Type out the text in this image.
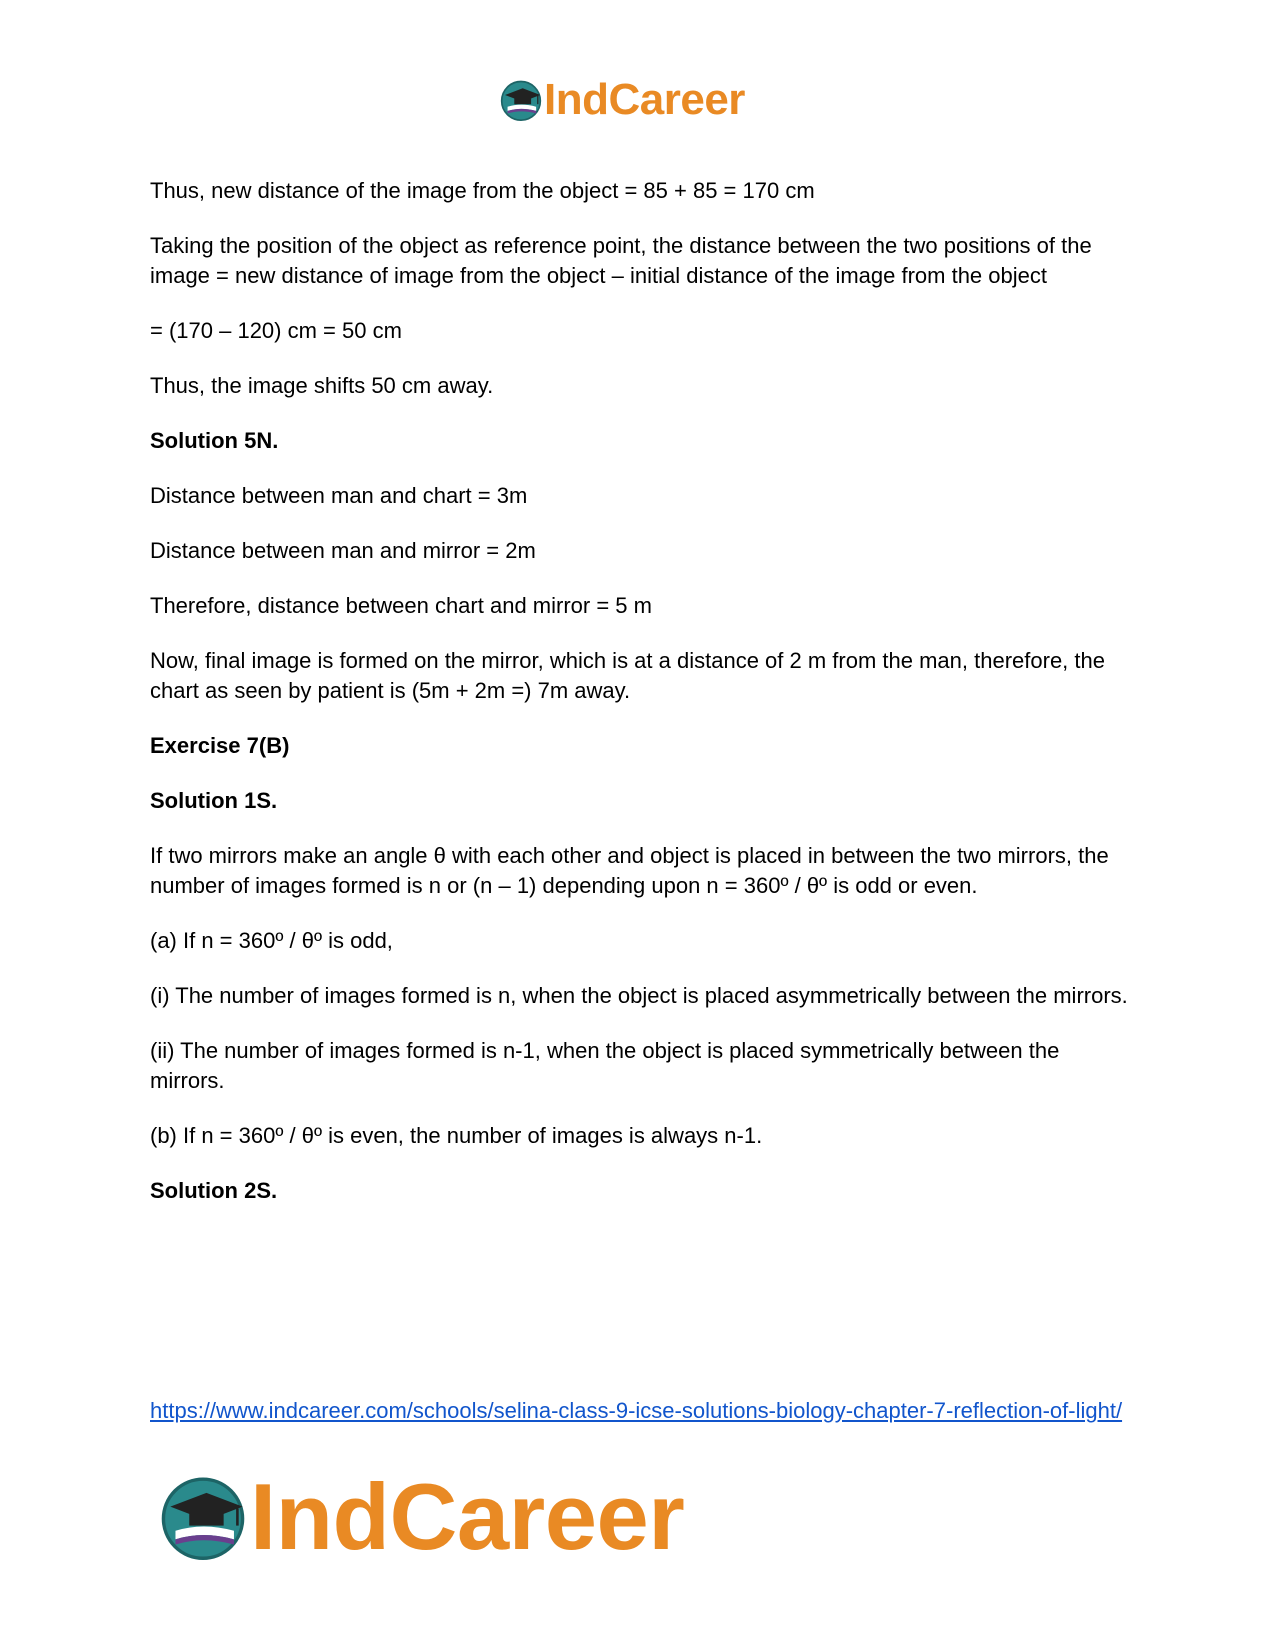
IndCareer

Thus, new distance of the image from the object = 85 + 85 = 170 cm

Taking the position of the object as reference point, the distance between the two positions of the image = new distance of image from the object – initial distance of the image from the object

= (170 – 120) cm = 50 cm

Thus, the image shifts 50 cm away.

Solution 5N.

Distance between man and chart = 3m

Distance between man and mirror = 2m

Therefore, distance between chart and mirror = 5 m

Now, final image is formed on the mirror, which is at a distance of 2 m from the man, therefore, the chart as seen by patient is (5m + 2m =) 7m away.

Exercise 7(B)

Solution 1S.

If two mirrors make an angle θ with each other and object is placed in between the two mirrors, the number of images formed is n or (n – 1) depending upon n = 360º / θº is odd or even.

(a) If n = 360º / θº is odd,

(i) The number of images formed is n, when the object is placed asymmetrically between the mirrors.

(ii) The number of images formed is n-1, when the object is placed symmetrically between the mirrors.

(b) If n = 360º / θº is even, the number of images is always n-1.

Solution 2S.

https://www.indcareer.com/schools/selina-class-9-icse-solutions-biology-chapter-7-reflection-of-light/
IndCareer
